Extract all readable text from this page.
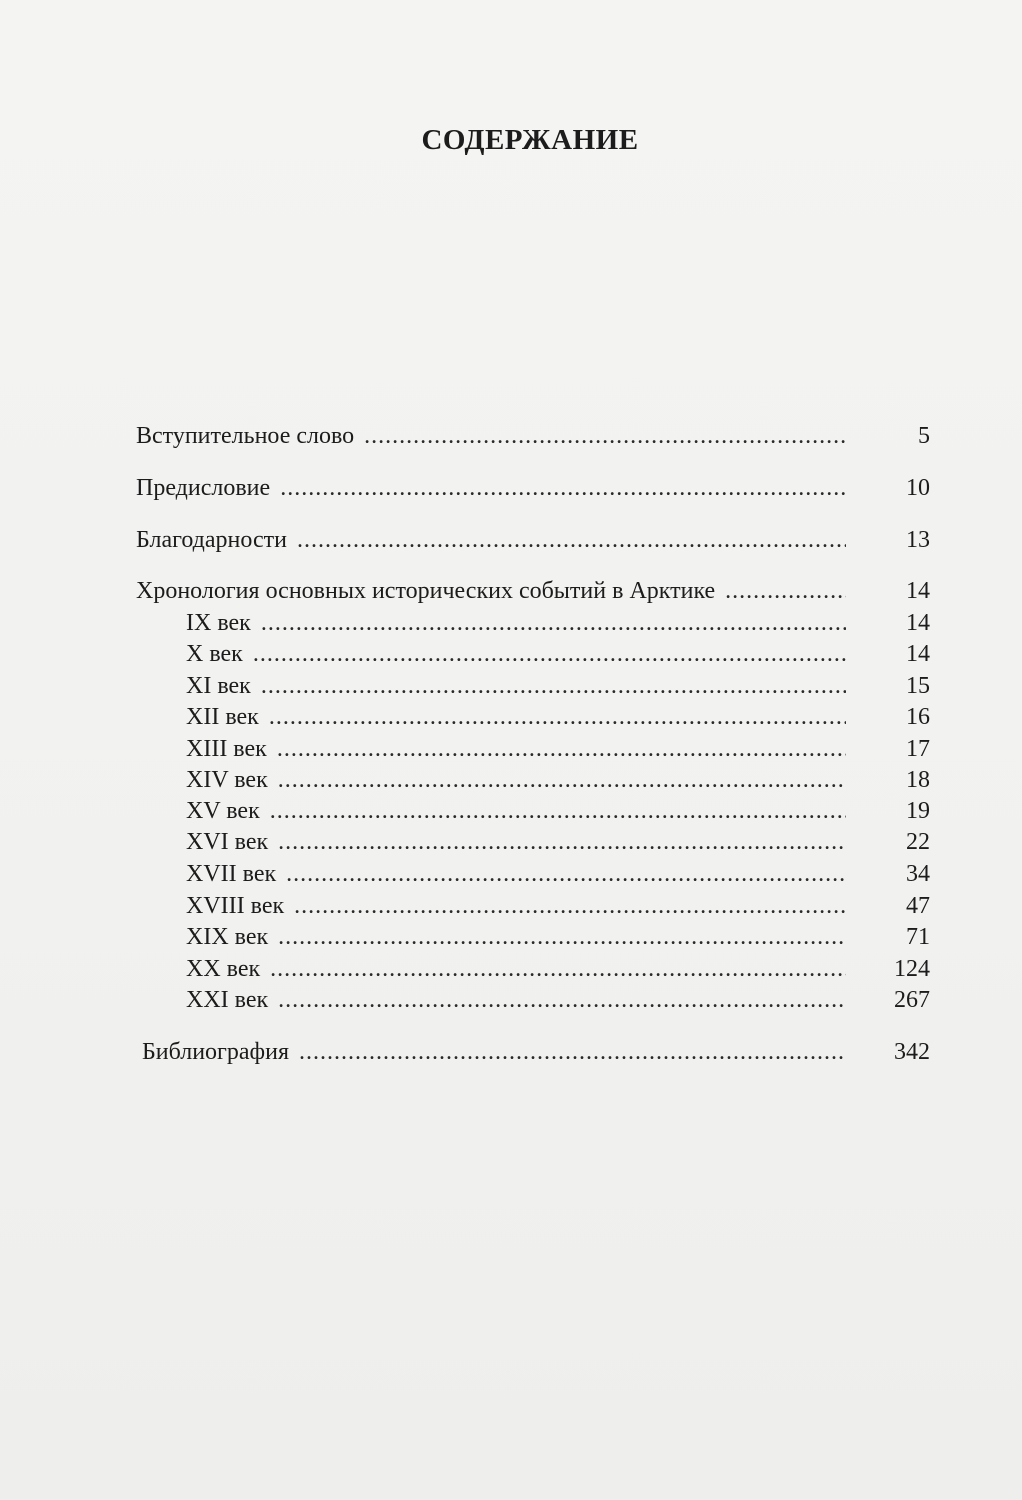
СОДЕРЖАНИЕ
Вступительное слово .....	5
Предисловие .....	10
Благодарности .....	13
Хронология основных исторических событий в Арктике .....	14
IX век .....	14
X век .....	14
XI век .....	15
XII век .....	16
XIII век .....	17
XIV век .....	18
XV век .....	19
XVI век .....	22
XVII век .....	34
XVIII век .....	47
XIX век .....	71
XX век .....	124
XXI век .....	267
Библиография .....	342
